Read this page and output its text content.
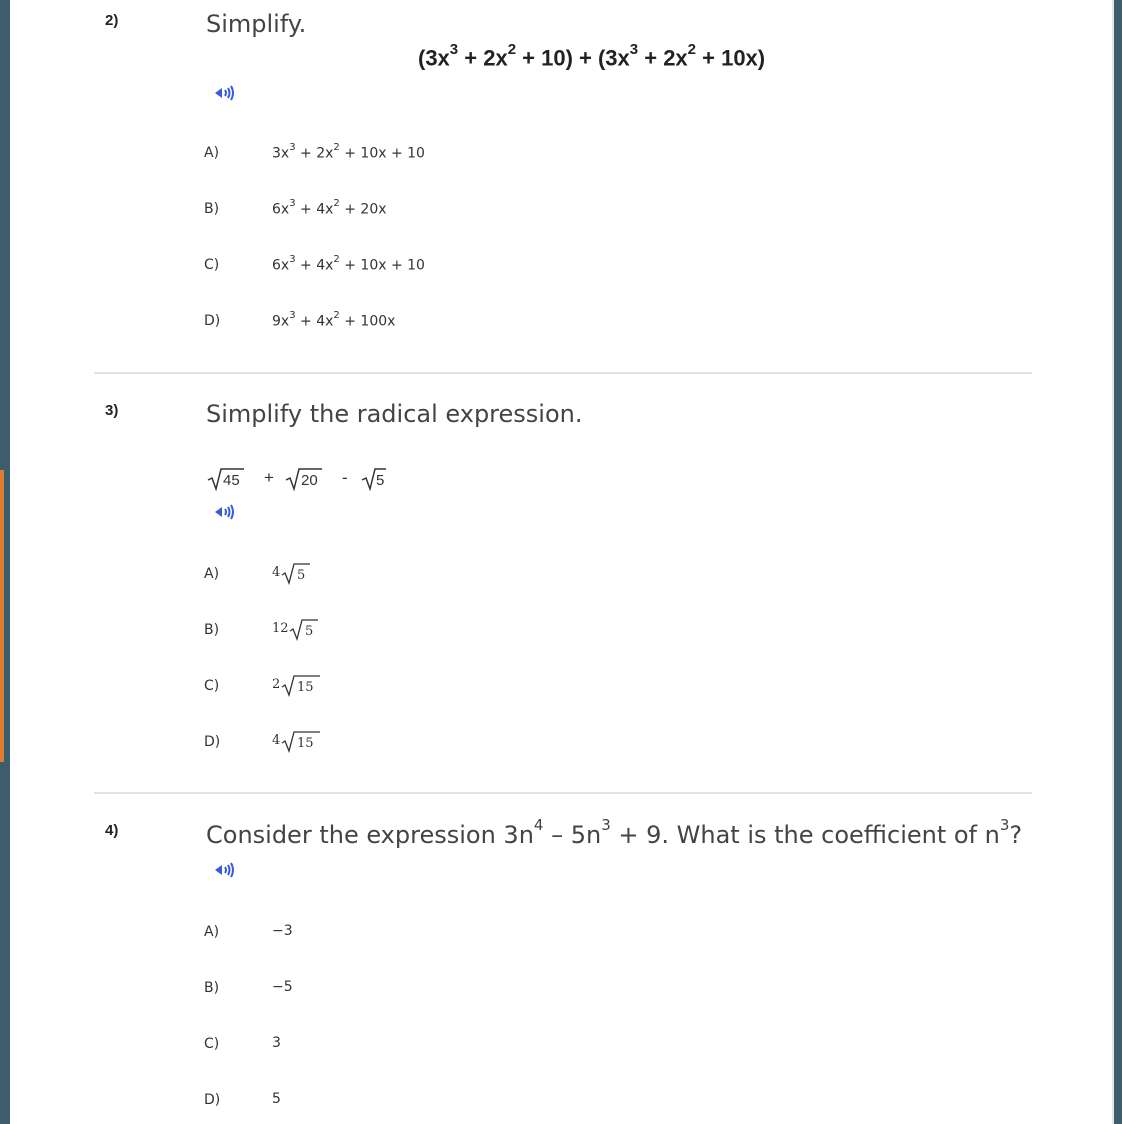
2)	Simplify.
$(3x^3 + 2x^2 + 10) + (3x^3 + 2x^2 + 10x)$
A)	$3x^3 + 2x^2 + 10x + 10$
B)	$6x^3 + 4x^2 + 20x$
C)	$6x^3 + 4x^2 + 10x + 10$
D)	$9x^3 + 4x^2 + 100x$
3)	Simplify the radical expression.
45 + 20 - 5
A)	4 5
B)	12 5
C)	2 15
D)	4 15
4)	Consider the expression $3n^4 - 5n^3 + 9$. What is the coefficient of $n^3$?
A)	−3
B)	−5
C)	3
D)	5
